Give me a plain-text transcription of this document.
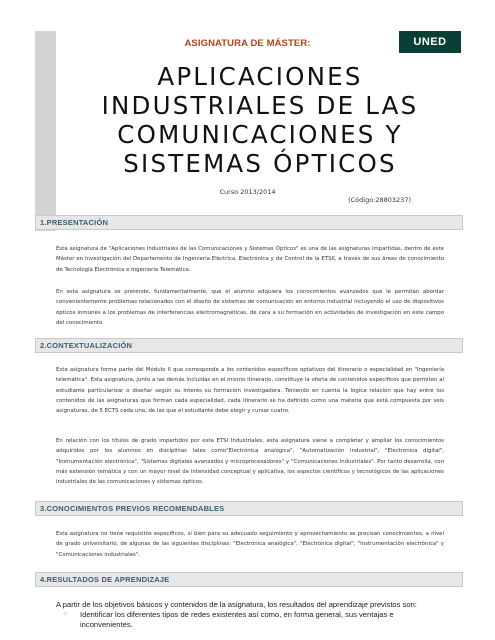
ASIGNATURA DE MÁSTER:	UNED
APLICACIONES
INDUSTRIALES DE LAS
COMUNICACIONES Y
SISTEMAS ÓPTICOS
Curso 2013/2014
(Código:28803237)
1.PRESENTACIÓN

Esta asignatura de "Aplicaciones Industriales de las Comunicaciones y Sistemas Ópticos" es una de las asignaturas impartidas, dentro de este Máster en Investigación del Departamento de Ingeniería Eléctrica, Electrónica y de Control de la ETSII, a través de sus áreas de conocimiento de Tecnología Electrónica e Ingeniería Telemática.

En esta asignatura se pretende, fundamentalmente, que el alumno adquiera los conocimientos avanzados que le permitan abordar convenientemente problemas relacionados con el diseño de sistemas de comunicación en entorno industrial incluyendo el uso de dispositivos ópticos inmunes a los problemas de interferencias electromagnéticas, de cara a su formación en actividades de investigación en este campo del conocimiento.

2.CONTEXTUALIZACIÓN

Esta asignatura forma parte del Módulo II que corresponde a los contenidos específicos optativos del itinerario o especialidad en "Ingeniería telemática". Esta asignatura, junto a las demás incluidas en el mismo itinerario, constituye la oferta de contenidos específicos que permiten al estudiante particularizar o diseñar según su interés su formación investigadora. Teniendo en cuenta la lógica relación que hay entre los contenidos de las asignaturas que forman cada especialidad, cada itinerario se ha definido como una materia que está compuesta por seis asignaturas, de 5 ECTS cada una, de las que el estudiante debe elegir y cursar cuatro.

En relación con los títulos de grado impartidos por esta ETSI Industriales, esta asignatura viene a completar y ampliar los conocimientos adquiridos por los alumnos en disciplinas tales como"Electrónica analógica", "Automatización industrial", "Electrónica digital", "Instrumentación electrónica", "Sistemas digitales avanzados y microprocesadores" y "Comunicaciones Industriales". Por tanto desarrolla, con más extensión temática y con un mayor nivel de intensidad conceptual y aplicativa, los aspectos científicos y tecnológicos de las aplicaciones industriales de las comunicaciones y sistemas ópticos.

3.CONOCIMIENTOS PREVIOS RECOMENDABLES

Esta asignatura no tiene requisitos específicos, si bien para su adecuado seguimiento y aprovechamiento se precisan conocimientos, a nivel de grado universitario, de algunas de las siguientes disciplinas: "Electrónica analógica", "Electrónica digital", "Instrumentación electrónica" y "Comunicaciones industriales".

4.RESULTADOS DE APRENDIZAJE
A partir de los objetivos básicos y contenidos de la asignatura, los resultados del aprendizaje previstos son:
○ Identificar los diferentes tipos de redes existentes así como, en forma general, sus ventajas e inconvenientes.
